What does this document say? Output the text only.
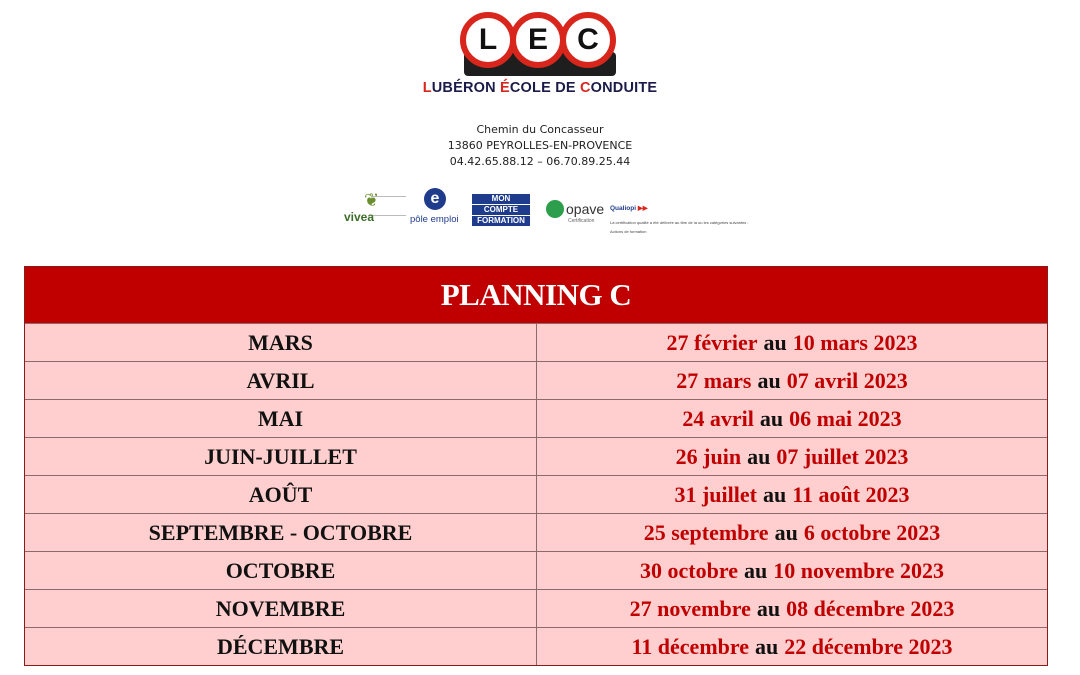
L	E C
LUBÉRON ÉCOLE DE CONDUITE
Chemin du Concasseur
13860 PEYROLLES-EN-PROVENCE
04.42.65.88.12 – 06.70.89.25.44
❦
vivea
e
pôle emploi
MON
COMPTE
FORMATION
opave
Certification
Qualiopi ▶▶
La certification qualité a été délivrée au titre de la ou les catégories suivantes :
Actions de formation
PLANNING C
MARS	27 février au 10 mars 2023
AVRIL	27 mars au 07 avril 2023
MAI	24 avril au 06 mai 2023
JUIN-JUILLET	26 juin au 07 juillet 2023
AOÛT	31 juillet au 11 août 2023
SEPTEMBRE - OCTOBRE	25 septembre au 6 octobre 2023
OCTOBRE	30 octobre au 10 novembre 2023
NOVEMBRE	27 novembre au 08 décembre 2023
DÉCEMBRE	11 décembre au 22 décembre 2023
